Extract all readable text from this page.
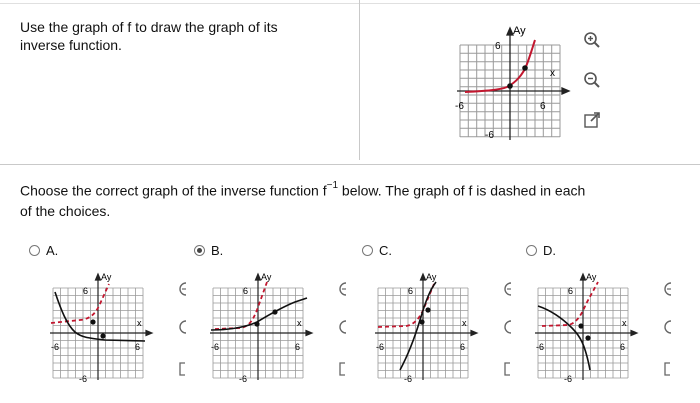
Use the graph of f to draw the graph of its
inverse function.
Ay
6
x
-6	6
-6
Choose the correct graph of the inverse function $f^{-1}$ below. The graph of f is dashed in each
of the choices.
A.	B.	C.	D.
Ay
6
x
-6	6
-6
Ay
6
x
-6	6
-6
Ay
6
x
-6	6
-6
Ay
6
x
-6	6
-6
